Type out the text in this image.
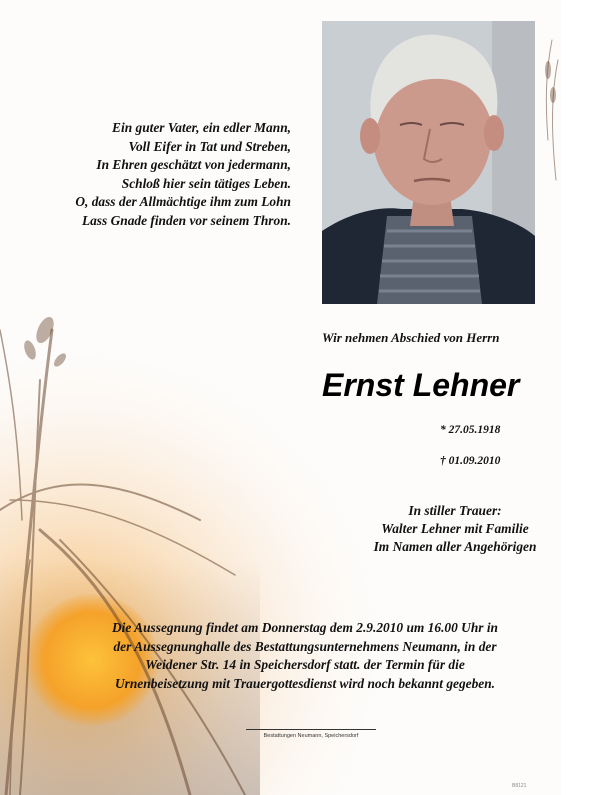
Ein guter Vater, ein edler Mann,
Voll Eifer in Tat und Streben,
In Ehren geschätzt von jedermann,
Schloß hier sein tätiges Leben.
O, dass der Allmächtige ihm zum Lohn
Lass Gnade finden vor seinem Thron.
Wir nehmen Abschied von Herrn
Ernst Lehner
* 27.05.1918
† 01.09.2010
In stiller Trauer:
Walter Lehner mit Familie
Im Namen aller Angehörigen
Die Aussegnung findet am Donnerstag dem 2.9.2010 um 16.00 Uhr in
der Aussegnunghalle des Bestattungsunternehmens Neumann, in der
Weidener Str. 14 in Speichersdorf statt. der Termin für die
Urnenbeisetzung mit Trauergottesdienst wird noch bekannt gegeben.
Bestattungen Neumann, Speichersdorf
B8121
